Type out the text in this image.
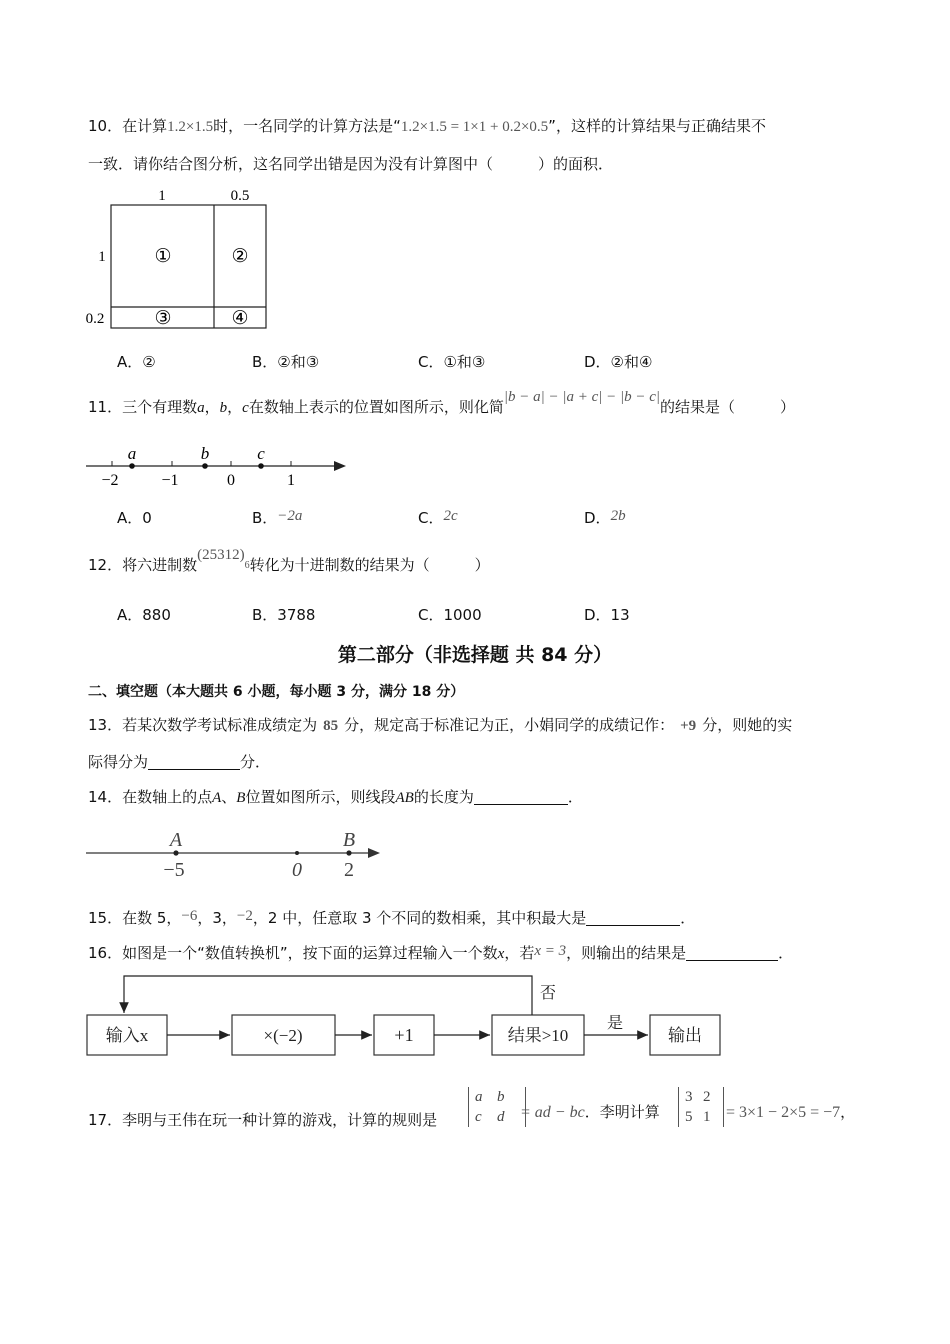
10．在计算1.2×1.5时，一名同学的计算方法是“1.2×1.5 = 1×1 + 0.2×0.5”，这样的计算结果与正确结果不
一致．请你结合图分析，这名同学出错是因为没有计算图中（　　　）的面积．
1	0.5
1
0.2
①	②
③	④
A．②	B．②和③	C．①和③	D．②和④
11．三个有理数a，b，c在数轴上表示的位置如图所示，则化简|b − a| − |a + c| − |b − c|的结果是（　　　）
a	b	c
−2	−1	0	1
A．0	B．−2a	C．2c	D．2b
12．将六进制数$(25312)_6$转化为十进制数的结果为（　　　）
A．880	B．3788	C．1000	D．13
第二部分（非选择题 共 84 分）
二、填空题（本大题共 6 小题，每小题 3 分，满分 18 分）
13．若某次数学考试标准成绩定为 85 分，规定高于标准记为正，小娟同学的成绩记作： +9 分，则她的实
际得分为	分．
14．在数轴上的点A、B位置如图所示，则线段AB的长度为	．
A	B
−5	0 2
15．在数 5，−6，3，−2，2 中，任意取 3 个不同的数相乘，其中积最大是	．
16．如图是一个“数值转换机”，按下面的运算过程输入一个数x，若x = 3，则输出的结果是	．
输入x	×(−2)	+1	结果>10	输出
否
是
17．李明与王伟在玩一种计算的游戏，计算的规则是
a b
c d = ad − bc．李明计算
3 2
5 1 = 3×1 − 2×5 = −7，
